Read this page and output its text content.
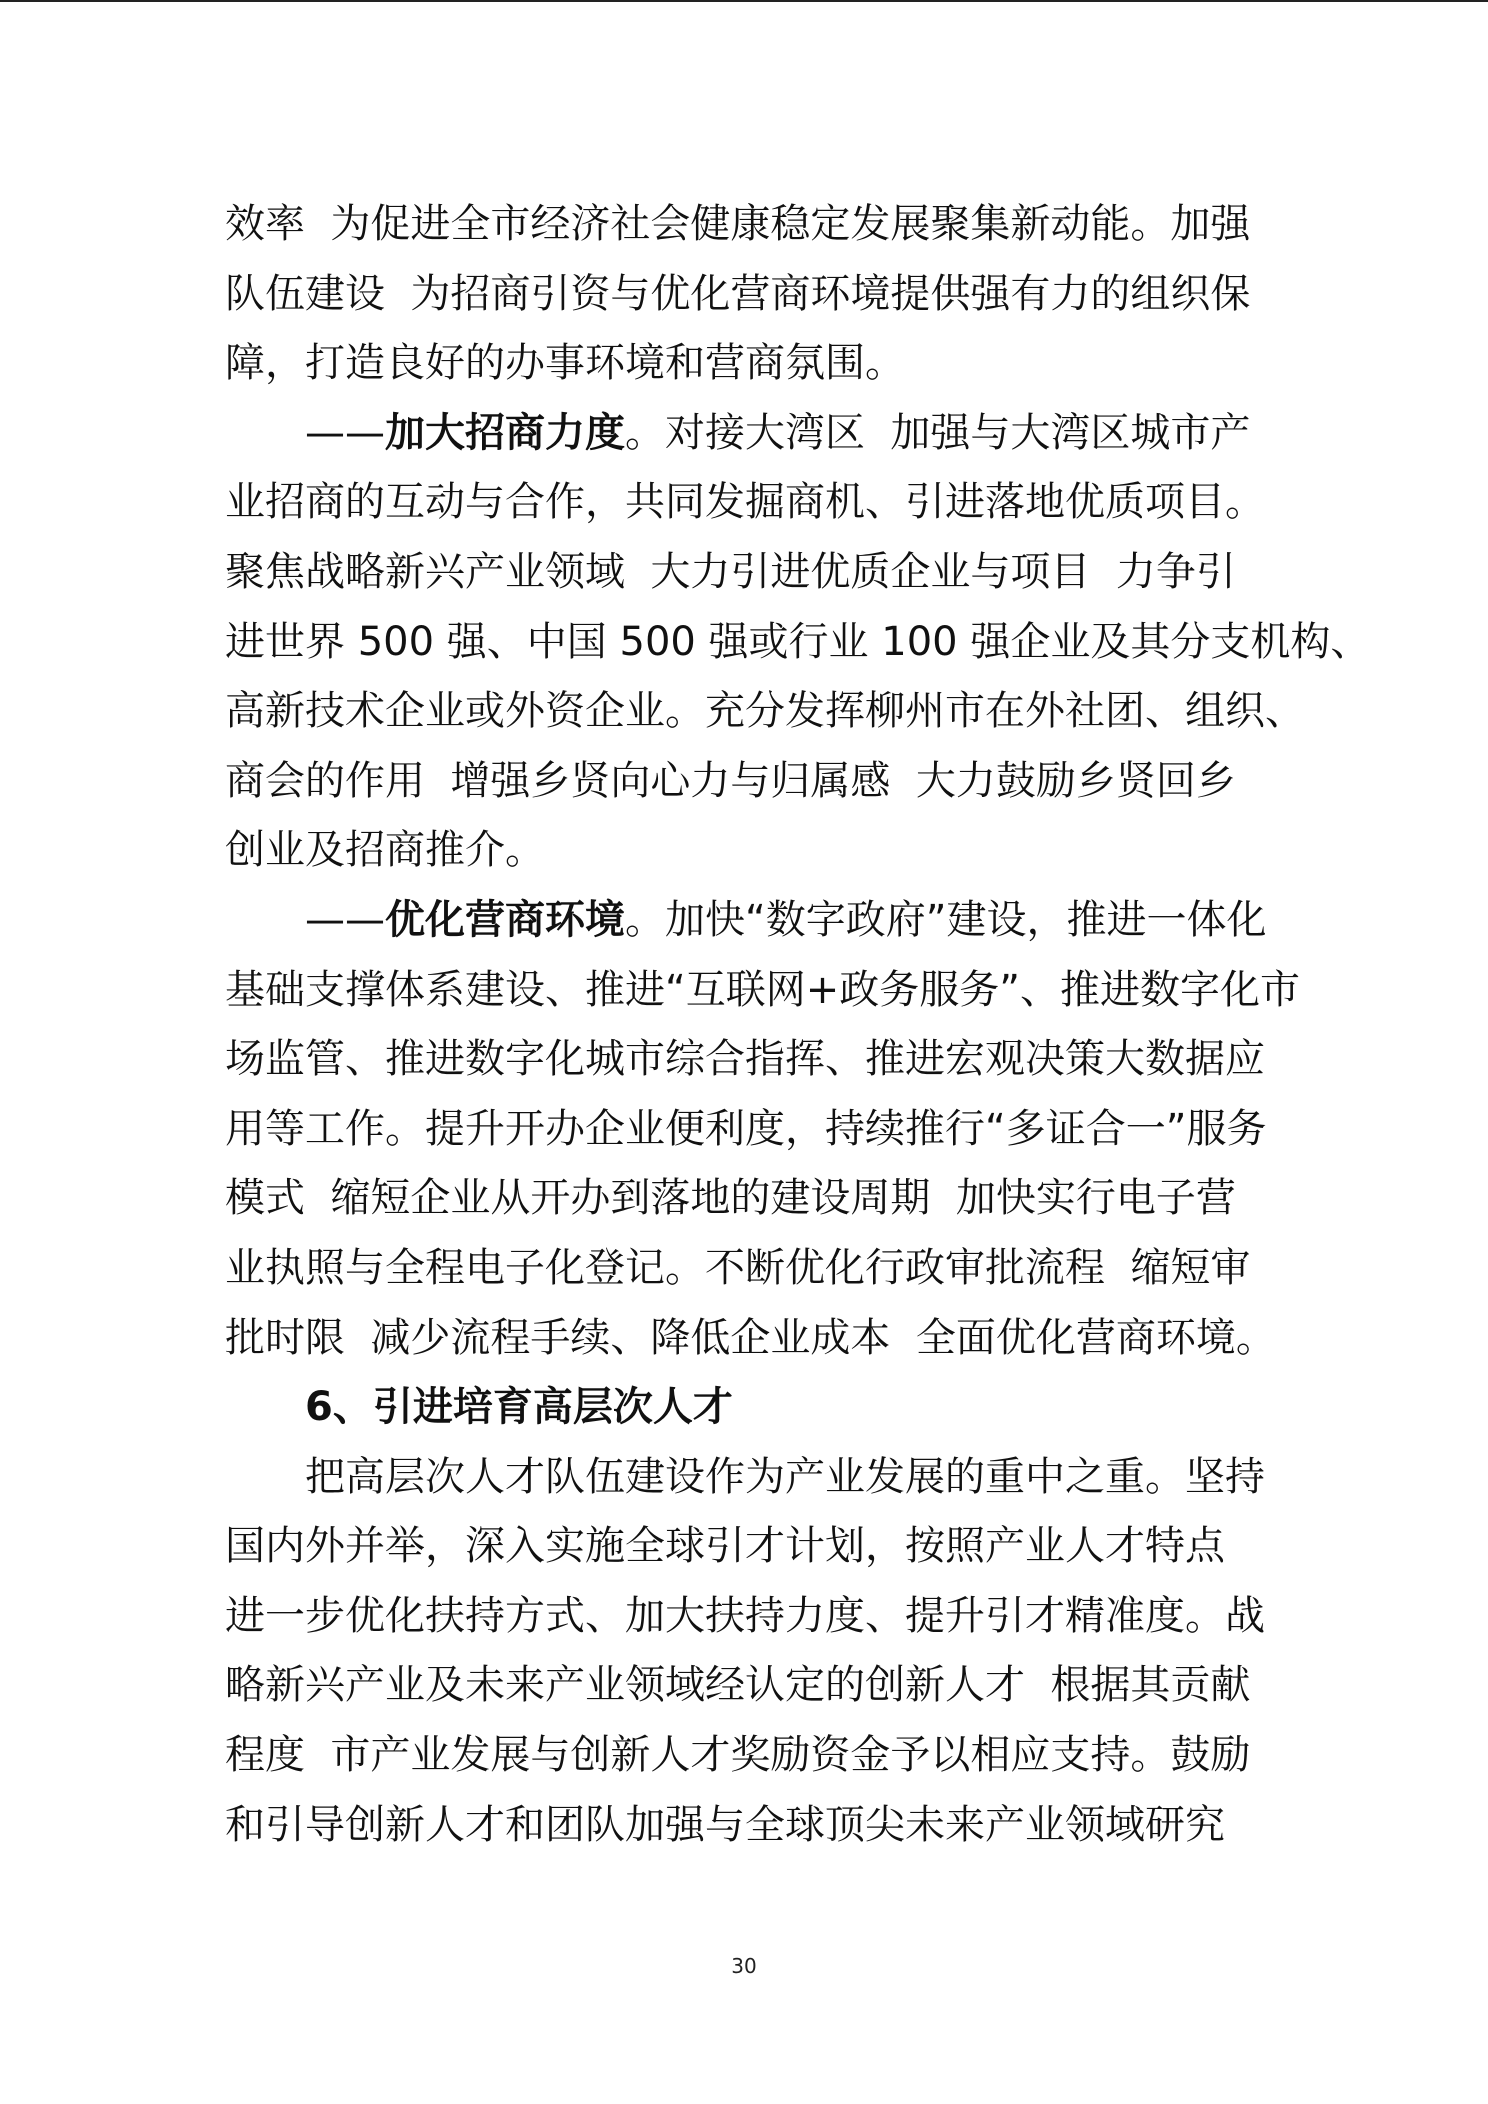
效率  为促进全市经济社会健康稳定发展聚集新动能。加强
队伍建设  为招商引资与优化营商环境提供强有力的组织保
障，打造良好的办事环境和营商氛围。
——加大招商力度。对接大湾区  加强与大湾区城市产
业招商的互动与合作，共同发掘商机、引进落地优质项目。
聚焦战略新兴产业领域  大力引进优质企业与项目  力争引
进世界 500 强、中国 500 强或行业 100 强企业及其分支机构、
高新技术企业或外资企业。充分发挥柳州市在外社团、组织、
商会的作用  增强乡贤向心力与归属感  大力鼓励乡贤回乡
创业及招商推介。
——优化营商环境。加快“数字政府”建设，推进一体化
基础支撑体系建设、推进“互联网+政务服务”、推进数字化市
场监管、推进数字化城市综合指挥、推进宏观决策大数据应
用等工作。提升开办企业便利度，持续推行“多证合一”服务
模式  缩短企业从开办到落地的建设周期  加快实行电子营
业执照与全程电子化登记。不断优化行政审批流程  缩短审
批时限  减少流程手续、降低企业成本  全面优化营商环境。
6、引进培育高层次人才
把高层次人才队伍建设作为产业发展的重中之重。坚持
国内外并举，深入实施全球引才计划，按照产业人才特点
进一步优化扶持方式、加大扶持力度、提升引才精准度。战
略新兴产业及未来产业领域经认定的创新人才  根据其贡献
程度  市产业发展与创新人才奖励资金予以相应支持。鼓励
和引导创新人才和团队加强与全球顶尖未来产业领域研究
30
